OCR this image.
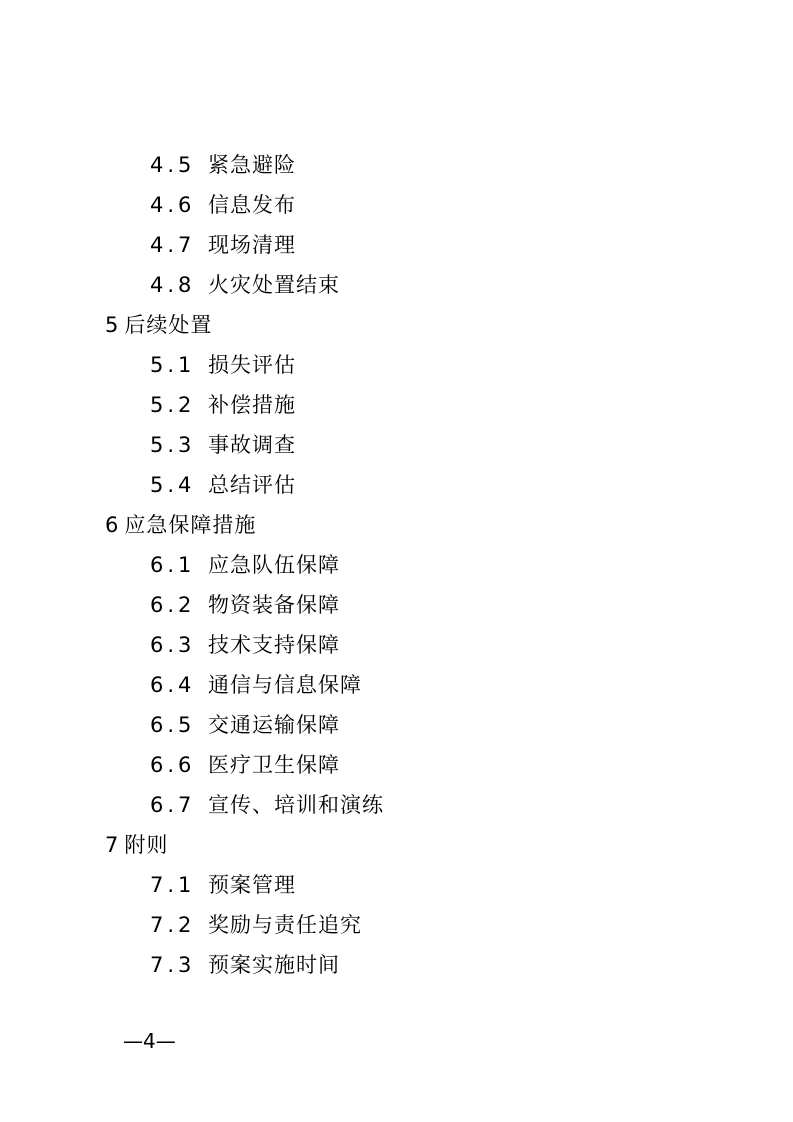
4.5 紧急避险
4.6 信息发布
4.7 现场清理
4.8 火灾处置结束
5后续处置
5.1 损失评估
5.2 补偿措施
5.3 事故调查
5.4 总结评估
6应急保障措施
6.1 应急队伍保障
6.2 物资装备保障
6.3 技术支持保障
6.4 通信与信息保障
6.5 交通运输保障
6.6 医疗卫生保障
6.7 宣传、培训和演练
7附则
7.1 预案管理
7.2 奖励与责任追究
7.3 预案实施时间
—4—
